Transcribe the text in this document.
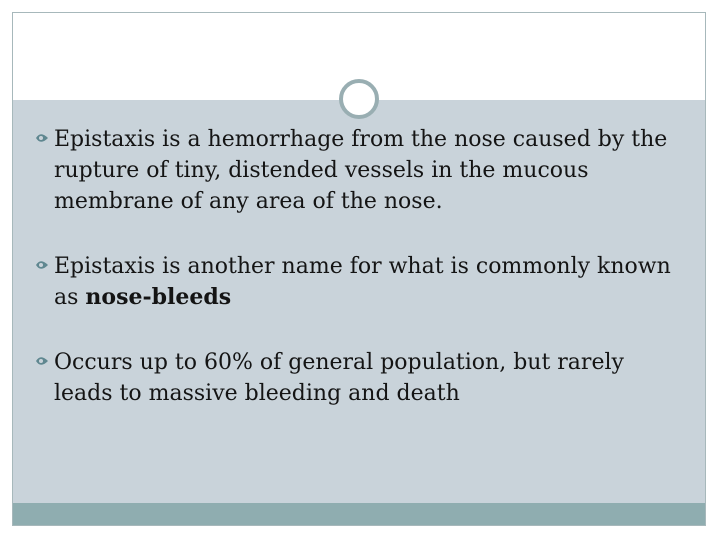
Epistaxis is a hemorrhage from the nose caused by the rupture of tiny, distended vessels in the mucous membrane of any area of the nose.
Epistaxis is another name for what is commonly known as nose-bleeds
Occurs up to 60% of general population, but rarely leads to massive bleeding and death
